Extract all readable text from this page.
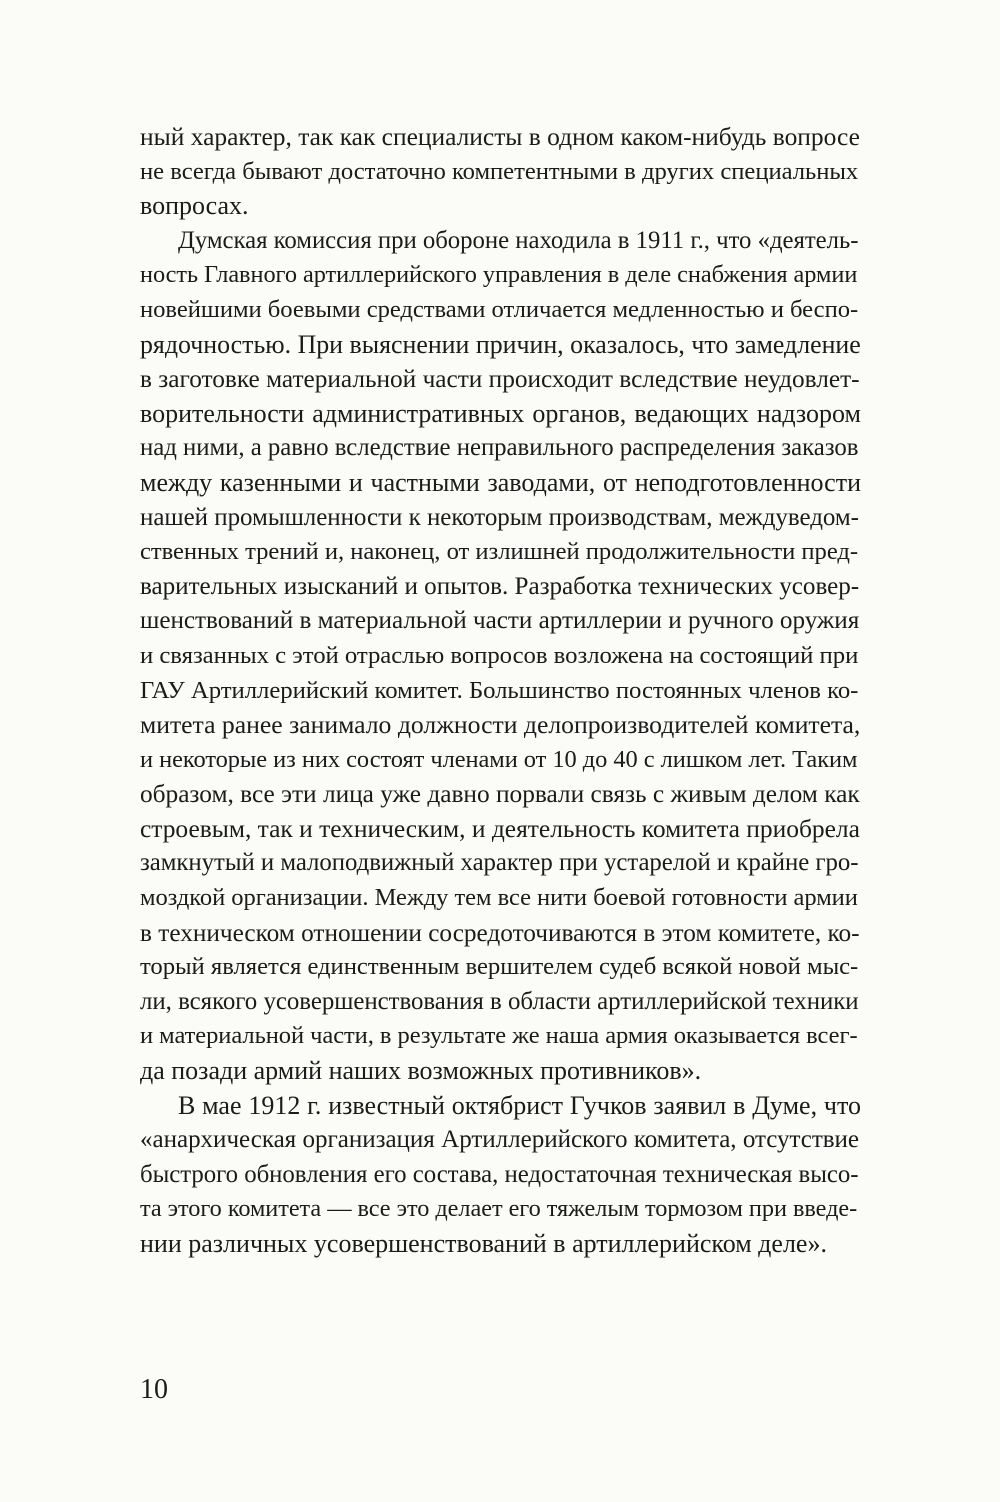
ный характер, так как специалисты в одном каком-нибудь вопросе
не всегда бывают достаточно компетентными в других специальных
вопросах.

Думская комиссия при обороне находила в 1911 г., что «деятель-
ность Главного артиллерийского управления в деле снабжения армии
новейшими боевыми средствами отличается медленностью и беспо-
рядочностью. При выяснении причин, оказалось, что замедление
в заготовке материальной части происходит вследствие неудовлет-
ворительности административных органов, ведающих надзором
над ними, а равно вследствие неправильного распределения заказов
между казенными и частными заводами, от неподготовленности
нашей промышленности к некоторым производствам, междуведом-
ственных трений и, наконец, от излишней продолжительности пред-
варительных изысканий и опытов. Разработка технических усовер-
шенствований в материальной части артиллерии и ручного оружия
и связанных с этой отраслью вопросов возложена на состоящий при
ГАУ Артиллерийский комитет. Большинство постоянных членов ко-
митета ранее занимало должности делопроизводителей комитета,
и некоторые из них состоят членами от 10 до 40 с лишком лет. Таким
образом, все эти лица уже давно порвали связь с живым делом как
строевым, так и техническим, и деятельность комитета приобрела
замкнутый и малоподвижный характер при устарелой и крайне гро-
моздкой организации. Между тем все нити боевой готовности армии
в техническом отношении сосредоточиваются в этом комитете, ко-
торый является единственным вершителем судеб всякой новой мыс-
ли, всякого усовершенствования в области артиллерийской техники
и материальной части, в результате же наша армия оказывается всег-
да позади армий наших возможных противников».

В мае 1912 г. известный октябрист Гучков заявил в Думе, что
«анархическая организация Артиллерийского комитета, отсутствие
быстрого обновления его состава, недостаточная техническая высо-
та этого комитета — все это делает его тяжелым тормозом при введе-
нии различных усовершенствований в артиллерийском деле».

10
